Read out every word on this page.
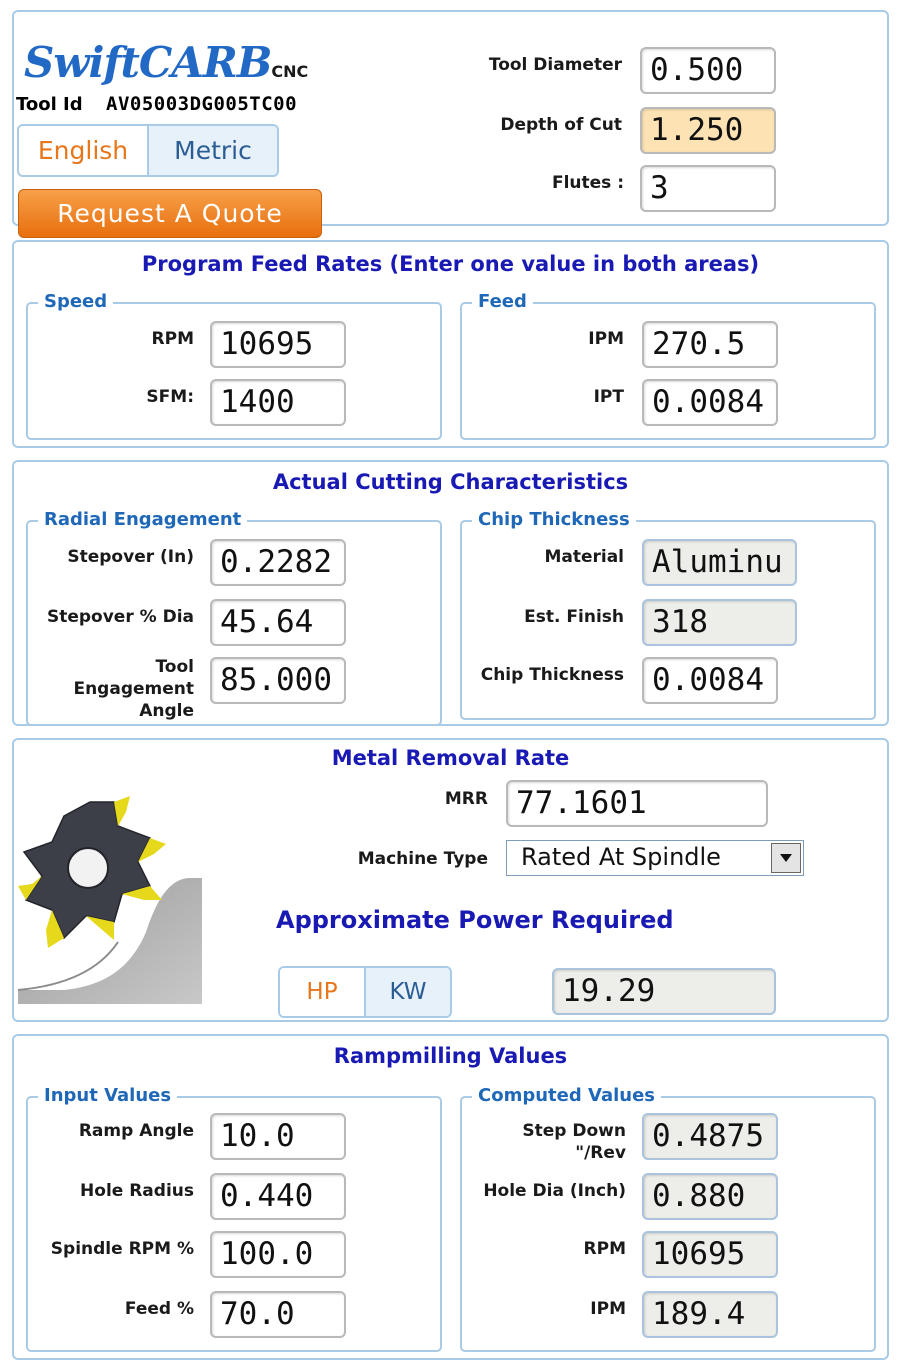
SwiftCARBCNC
Tool Id AV05003DG005TC00
English	Metric
Request A Quote
Tool Diameter 0.500
Depth of Cut 1.250
Flutes : 3
Program Feed Rates (Enter one value in both areas)
Speed
RPM 10695
SFM: 1400
Feed
IPM 270.5
IPT 0.0084
Actual Cutting Characteristics
Radial Engagement
Stepover (In) 0.2282
Stepover % Dia 45.64
Tool
Engagement
Angle
85.000
Chip Thickness
Material Aluminu
Est. Finish 318
Chip Thickness 0.0084
Metal Removal Rate
MRR 77.1601
Machine Type Rated At Spindle
Approximate Power Required
HP	KW	19.29
Rampmilling Values
Input Values
Ramp Angle 10.0
Hole Radius 0.440
Spindle RPM % 100.0
Feed % 70.0
Computed Values
Step Down
"/Rev 0.4875
Hole Dia (Inch) 0.880
RPM 10695
IPM 189.4
